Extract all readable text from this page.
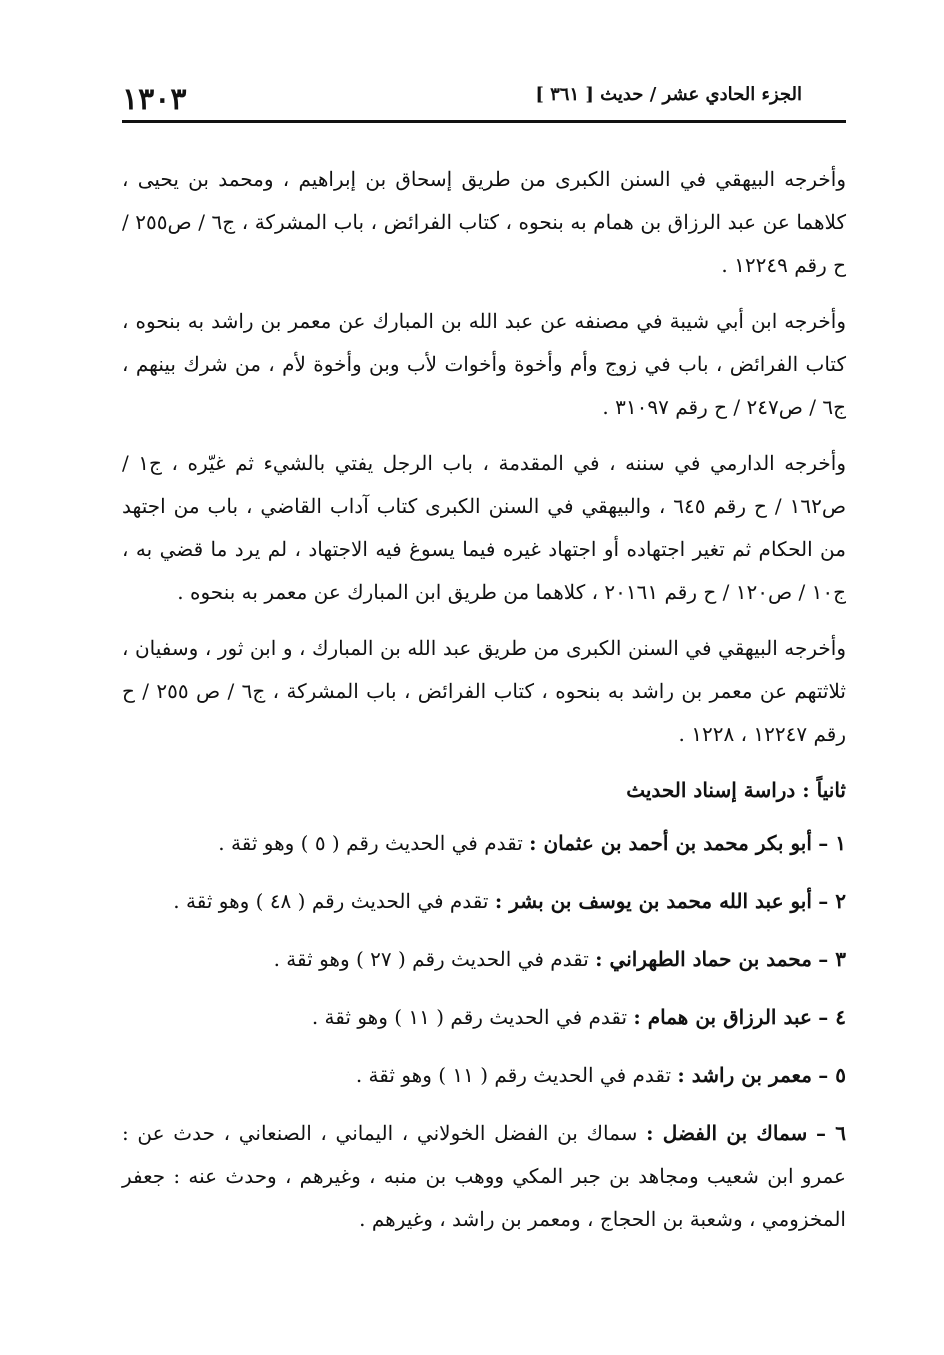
الجزء الحادي عشر / حديث [ ٣٦١ ]
١٣٠٣

وأخرجه البيهقي في السنن الكبرى من طريق إسحاق بن إبراهيم ، ومحمد بن يحيى ، كلاهما عن عبد الرزاق بن همام به بنحوه ، كتاب الفرائض ، باب المشركة ، ج٦ / ص٢٥٥ / ح رقم ١٢٢٤٩ .

وأخرجه ابن أبي شيبة في مصنفه عن عبد الله بن المبارك عن معمر بن راشد به بنحوه ، كتاب الفرائض ، باب في زوج وأم وأخوة وأخوات لأب وبن وأخوة لأم ، من شرك بينهم ، ج٦ / ص٢٤٧ / ح رقم ٣١٠٩٧ .

وأخرجه الدارمي في سننه ، في المقدمة ، باب الرجل يفتي بالشيء ثم غيّره ، ج١ / ص١٦٢ / ح رقم ٦٤٥ ، والبيهقي في السنن الكبرى كتاب آداب القاضي ، باب من اجتهد من الحكام ثم تغير اجتهاده أو اجتهاد غيره فيما يسوغ فيه الاجتهاد ، لم يرد ما قضي به ، ج١٠ / ص١٢٠ / ح رقم ٢٠١٦١ ، كلاهما من طريق ابن المبارك عن معمر به بنحوه .

وأخرجه البيهقي في السنن الكبرى من طريق عبد الله بن المبارك ، و ابن ثور ، وسفيان ، ثلاثتهم عن معمر بن راشد به بنحوه ، كتاب الفرائض ، باب المشركة ، ج٦ / ص ٢٥٥ / ح رقم ١٢٢٤٧ ، ١٢٢٨ .

ثانياً : دراسة إسناد الحديث

١ – أبو بكر محمد بن أحمد بن عثمان : تقدم في الحديث رقم ( ٥ ) وهو ثقة .

٢ – أبو عبد الله محمد بن يوسف بن بشر : تقدم في الحديث رقم ( ٤٨ ) وهو ثقة .

٣ – محمد بن حماد الطهراني : تقدم في الحديث رقم ( ٢٧ ) وهو ثقة .

٤ – عبد الرزاق بن همام : تقدم في الحديث رقم ( ١١ ) وهو ثقة .

٥ – معمر بن راشد : تقدم في الحديث رقم ( ١١ ) وهو ثقة .

٦ – سماك بن الفضل : سماك بن الفضل الخولاني ، اليماني ، الصنعاني ، حدث عن : عمرو ابن شعيب ومجاهد بن جبر المكي ووهب بن منبه ، وغيرهم ، وحدث عنه : جعفر المخزومي ، وشعبة بن الحجاج ، ومعمر بن راشد ، وغيرهم .
